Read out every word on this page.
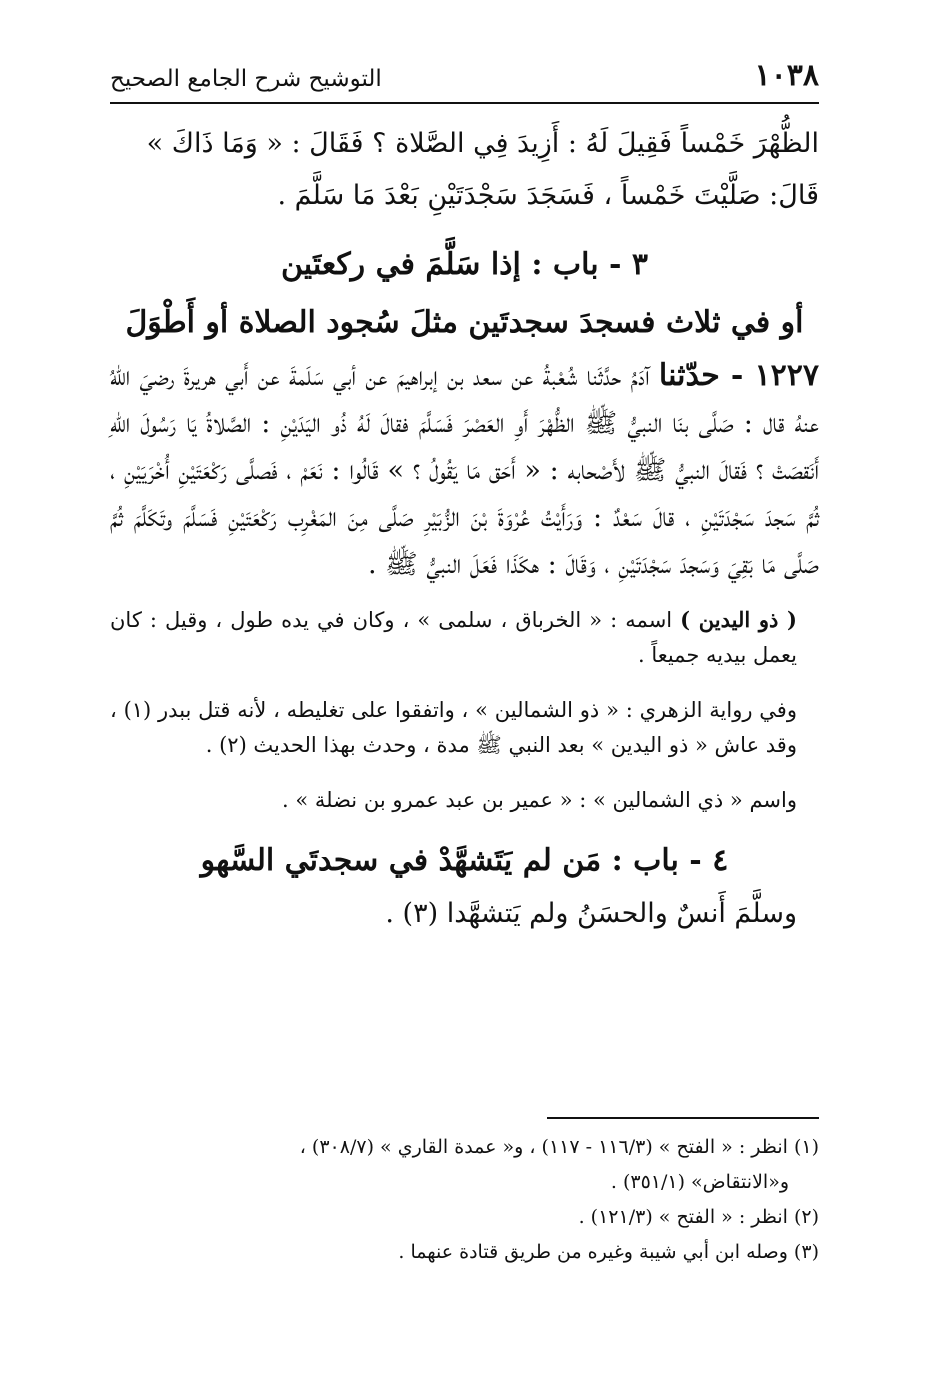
١٠٣٨
التوشيح شرح الجامع الصحيح

الظُّهْرَ خَمْساً فَقِيلَ لَهُ : أَزِيدَ فِي الصَّلاة ؟ فَقَالَ : « وَمَا ذَاكَ »

قَالَ: صَلَّيْتَ خَمْساً ، فَسَجَدَ سَجْدَتَيْنِ بَعْدَ مَا سَلَّمَ .

٣ - باب : إذا سَلَّمَ في ركعتَين

أو في ثلاث فسجدَ سجدتَين مثلَ سُجود الصلاة أو أَطْوَلَ

١٢٢٧ - حدّثنا آدَمُ حدَّثَنا شُعْبةُ عن سعد بن إبراهيمَ عن أبي سَلَمةَ عن أَبي هريرةَ رضيَ اللهُ عنهُ قال : صَلَّى بنَا النبيُّ ﷺ الظُّهْرَ أَوِ العَصْرَ فَسَلَّمَ فقالَ لَهُ ذُو اليَدَيْنِ : الصَّلاةُ يَا رَسُولَ اللهِ أَنَقصَتْ ؟ فَقالَ النبيُّ ﷺ لأَصْحابه : « أَحَق مَا يَقُولُ ؟ » قَالُوا : نَعَمْ ، فَصلَّى رَكْعَتَيْنِ أُخْرَيَيْنِ ، ثُمَّ سَجدَ سَجْدَتَيْنِ ، قالَ سَعْدٌ : وَرَأَيْتُ عُرْوَةَ بْنَ الزُّبَيْرِ صَلَّى مِنَ المَغْرِب رَكْعَتَيْنِ فَسَلَّمَ وتَكَلَّمَ ثُمَّ صَلَّى مَا بَقِيَ وَسَجدَ سَجْدَتَيْنِ ، وَقَالَ : هكَذَا فَعَلَ النبيُّ ﷺ .

( ذو اليدين ) اسمه : « الخرباق ، سلمى » ، وكان في يده طول ، وقيل : كان يعمل بيديه جميعاً .

وفي رواية الزهري : « ذو الشمالين » ، واتفقوا على تغليطه ، لأنه قتل ببدر (١) ، وقد عاش « ذو اليدين » بعد النبي ﷺ مدة ، وحدث بهذا الحديث (٢) .

واسم « ذي الشمالين » : « عمير بن عبد عمرو بن نضلة » .

٤ - باب : مَن لم يَتَشهَّدْ في سجدتَي السَّهو

وسلَّمَ أَنسٌ والحسَنُ ولم يَتشهَّدا (٣) .

(١) انظر : « الفتح » (١١٦/٣ - ١١٧) ، و« عمدة القاري » (٣٠٨/٧) ،

و«الانتقاض» (٣٥١/١) .

(٢) انظر : « الفتح » (١٢١/٣) .

(٣) وصله ابن أبي شيبة وغيره من طريق قتادة عنهما .
